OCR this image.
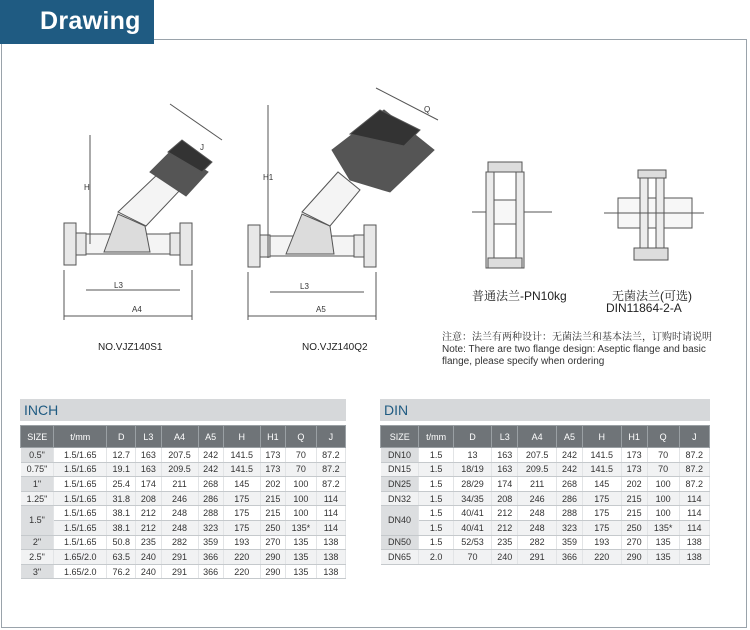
Drawing
H
J
L3
A4
H1
Q
L3
A5
NO.VJZ140S1	NO.VJZ140Q2
普通法兰-PN10kg	无菌法兰(可选)
DIN11864-2-A
注意：法兰有两种设计：无菌法兰和基本法兰，订购时请说明
Note: There are two flange design: Aseptic flange and basic flange, please specify when ordering
INCH
SIZE	t/mm	D	L3	A4	A5	H	H1	Q	J
0.5"	1.5/1.65	12.7	163	207.5	242	141.5	173	70	87.2
0.75"	1.5/1.65	19.1	163	209.5	242	141.5	173	70	87.2
1"	1.5/1.65	25.4	174	211	268	145	202	100	87.2
1.25"	1.5/1.65	31.8	208	246	286	175	215	100	114
1.5"	1.5/1.65	38.1	212	248	288	175	215	100	114
	1.5/1.65	38.1	212	248	323	175	250	135*	114
2"	1.5/1.65	50.8	235	282	359	193	270	135	138
2.5"	1.65/2.0	63.5	240	291	366	220	290	135	138
3"	1.65/2.0	76.2	240	291	366	220	290	135	138
DIN
SIZE	t/mm	D	L3	A4	A5	H	H1	Q	J
DN10	1.5	13	163	207.5	242	141.5	173	70	87.2
DN15	1.5	18/19	163	209.5	242	141.5	173	70	87.2
DN25	1.5	28/29	174	211	268	145	202	100	87.2
DN32	1.5	34/35	208	246	286	175	215	100	114
DN40	1.5	40/41	212	248	288	175	215	100	114
	1.5	40/41	212	248	323	175	250	135*	114
DN50	1.5	52/53	235	282	359	193	270	135	138
DN65	2.0	70	240	291	366	220	290	135	138
